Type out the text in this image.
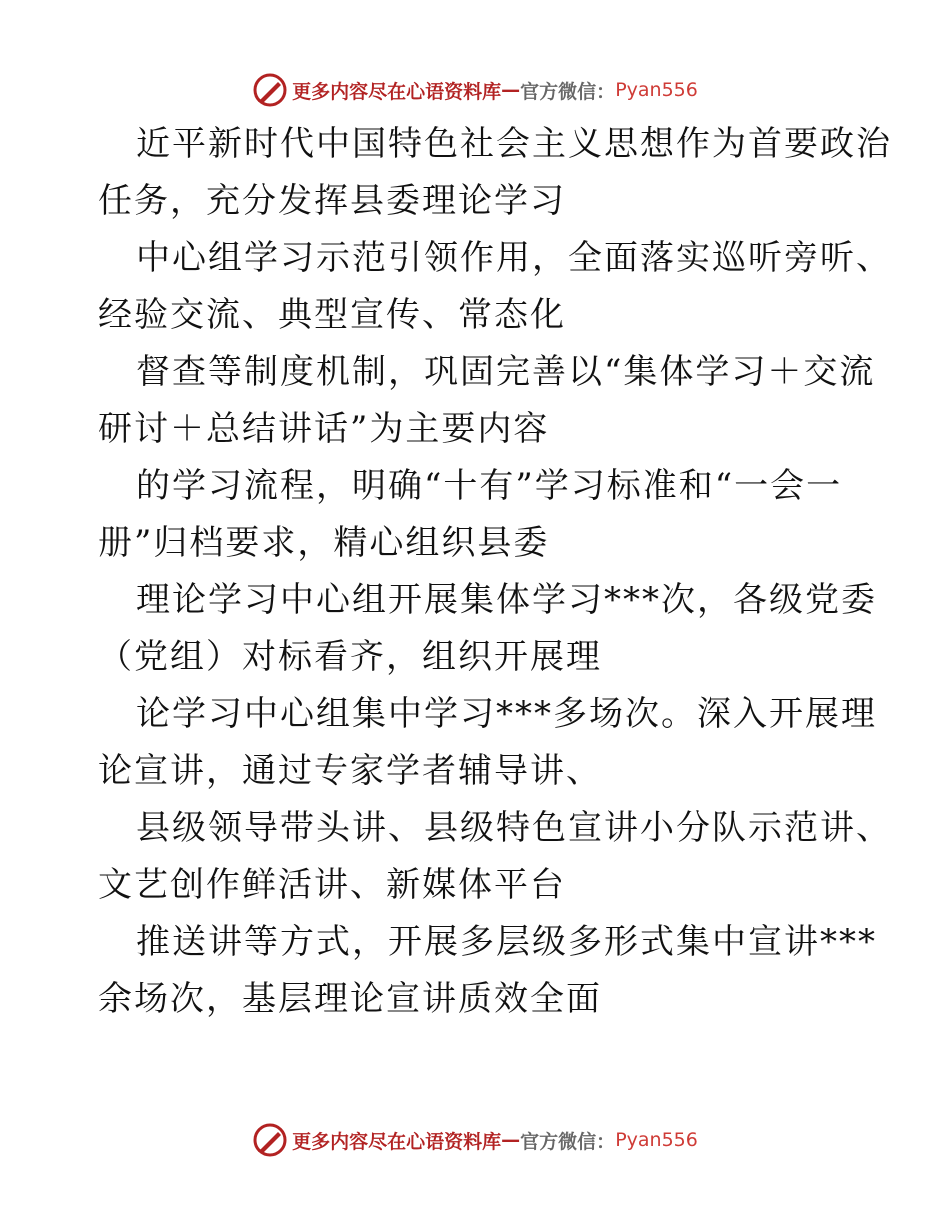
更多内容尽在心语资料库 — 官方微信： Pyan556
近平新时代中国特色社会主义思想作为首要政治
任务，充分发挥县委理论学习
中心组学习示范引领作用，全面落实巡听旁听、
经验交流、典型宣传、常态化
督查等制度机制，巩固完善以“集体学习＋交流
研讨＋总结讲话”为主要内容
的学习流程，明确“十有”学习标准和“一会一
册”归档要求，精心组织县委
理论学习中心组开展集体学习***次，各级党委
（党组）对标看齐，组织开展理
论学习中心组集中学习***多场次。深入开展理
论宣讲，通过专家学者辅导讲、
县级领导带头讲、县级特色宣讲小分队示范讲、
文艺创作鲜活讲、新媒体平台
推送讲等方式，开展多层级多形式集中宣讲***
余场次，基层理论宣讲质效全面
更多内容尽在心语资料库 — 官方微信： Pyan556
